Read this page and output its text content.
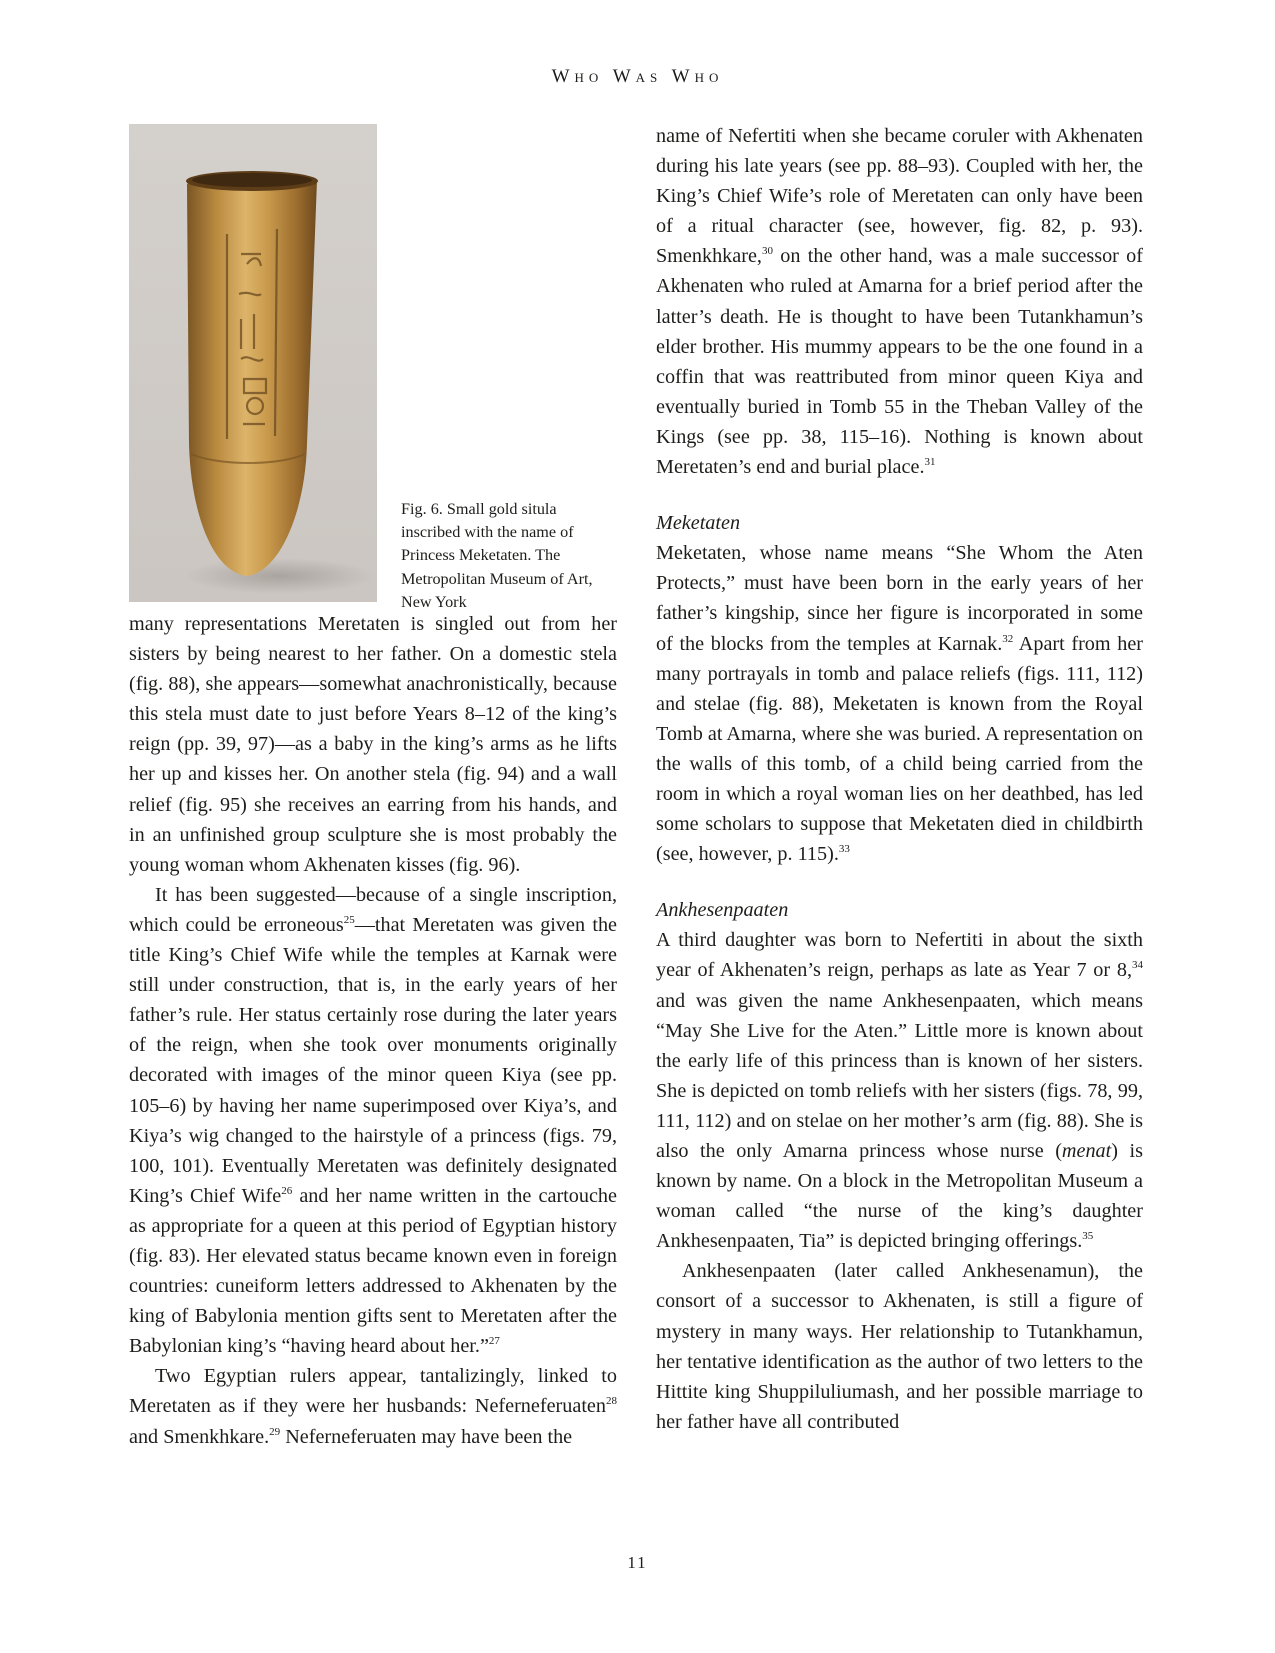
Who Was Who
Fig. 6. Small gold situla inscribed with the name of Princess Meketaten. The Metropolitan Museum of Art, New York

many representations Meretaten is singled out from her sisters by being nearest to her father. On a domestic stela (fig. 88), she appears—somewhat anachronistically, because this stela must date to just before Years 8–12 of the king’s reign (pp. 39, 97)—as a baby in the king’s arms as he lifts her up and kisses her. On another stela (fig. 94) and a wall relief (fig. 95) she receives an earring from his hands, and in an unfinished group sculpture she is most probably the young woman whom Akhenaten kisses (fig. 96).

It has been suggested—because of a single inscription, which could be erroneous$^{25}$—that Meretaten was given the title King’s Chief Wife while the temples at Karnak were still under construction, that is, in the early years of her father’s rule. Her status certainly rose during the later years of the reign, when she took over monuments originally decorated with images of the minor queen Kiya (see pp. 105–6) by having her name superimposed over Kiya’s, and Kiya’s wig changed to the hairstyle of a princess (figs. 79, 100, 101). Eventually Meretaten was definitely designated King’s Chief Wife$^{26}$ and her name written in the cartouche as appropriate for a queen at this period of Egyptian history (fig. 83). Her elevated status became known even in foreign countries: cuneiform letters addressed to Akhenaten by the king of Babylonia mention gifts sent to Meretaten after the Babylonian king’s “having heard about her.”$^{27}$

Two Egyptian rulers appear, tantalizingly, linked to Meretaten as if they were her husbands: Neferneferuaten$^{28}$ and Smenkhkare.$^{29}$ Neferneferuaten may have been the

name of Nefertiti when she became coruler with Akhenaten during his late years (see pp. 88–93). Coupled with her, the King’s Chief Wife’s role of Meretaten can only have been of a ritual character (see, however, fig. 82, p. 93). Smenkhkare,$^{30}$ on the other hand, was a male successor of Akhenaten who ruled at Amarna for a brief period after the latter’s death. He is thought to have been Tutankhamun’s elder brother. His mummy appears to be the one found in a coffin that was reattributed from minor queen Kiya and eventually buried in Tomb 55 in the Theban Valley of the Kings (see pp. 38, 115–16). Nothing is known about Meretaten’s end and burial place.$^{31}$

Meketaten

Meketaten, whose name means “She Whom the Aten Protects,” must have been born in the early years of her father’s kingship, since her figure is incorporated in some of the blocks from the temples at Karnak.$^{32}$ Apart from her many portrayals in tomb and palace reliefs (figs. 111, 112) and stelae (fig. 88), Meketaten is known from the Royal Tomb at Amarna, where she was buried. A representation on the walls of this tomb, of a child being carried from the room in which a royal woman lies on her deathbed, has led some scholars to suppose that Meketaten died in childbirth (see, however, p. 115).$^{33}$

Ankhesenpaaten

A third daughter was born to Nefertiti in about the sixth year of Akhenaten’s reign, perhaps as late as Year 7 or 8,34 and was given the name Ankhesenpaaten, which means “May She Live for the Aten.” Little more is known about the early life of this princess than is known of her sisters. She is depicted on tomb reliefs with her sisters (figs. 78, 99, 111, 112) and on stelae on her mother’s arm (fig. 88). She is also the only Amarna princess whose nurse (menat) is known by name. On a block in the Metropolitan Museum a woman called “the nurse of the king’s daughter Ankhesenpaaten, Tia” is depicted bringing offerings.$^{35}$

Ankhesenpaaten (later called Ankhesenamun), the consort of a successor to Akhenaten, is still a figure of mystery in many ways. Her relationship to Tutankhamun, her tentative identification as the author of two letters to the Hittite king Shuppiluliumash, and her possible marriage to her father have all contributed

11
